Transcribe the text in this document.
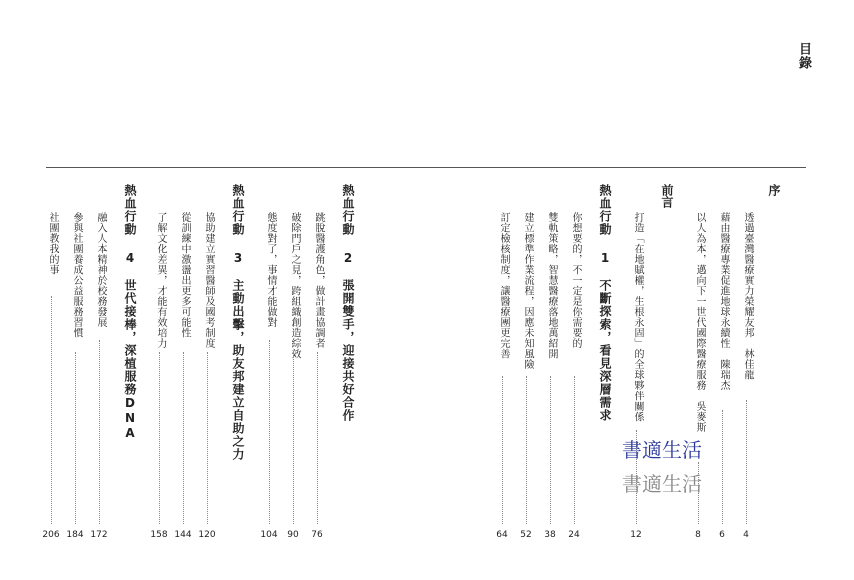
目錄
序
前言
透過臺灣醫療實力榮耀友邦　林佳龍
4
藉由醫療專業促進地球永續性　陳瑞杰
6
以人為本，邁向下一世代國際醫療服務　吳麥斯
8
打造「在地賦權，生根永固」的全球夥伴關係
12
熱血行動 1　不斷探索，看見深層需求
你想要的，不一定是你需要的
24
雙軌策略，智慧醫療落地萬紹開
38
建立標準作業流程，因應未知風險
52
訂定檢核制度，讓醫療團更完善
64
熱血行動 2　張開雙手，迎接共好合作
跳脫醫護角色，做計畫協調者
76
破除門戶之見，跨組織創造綜效
90
態度對了，事情才能做對
104
熱血行動 3　主動出擊，助友邦建立自助之力
協助建立實習醫師及國考制度
120
從訓練中激盪出更多可能性
144
了解文化差異，才能有效培力
158
熱血行動 4　世代接棒，深植服務DNA
融入人本精神於校務發展
172
參與社團養成公益服務習慣
184
社團教我的事
206
書適生活
書適生活
